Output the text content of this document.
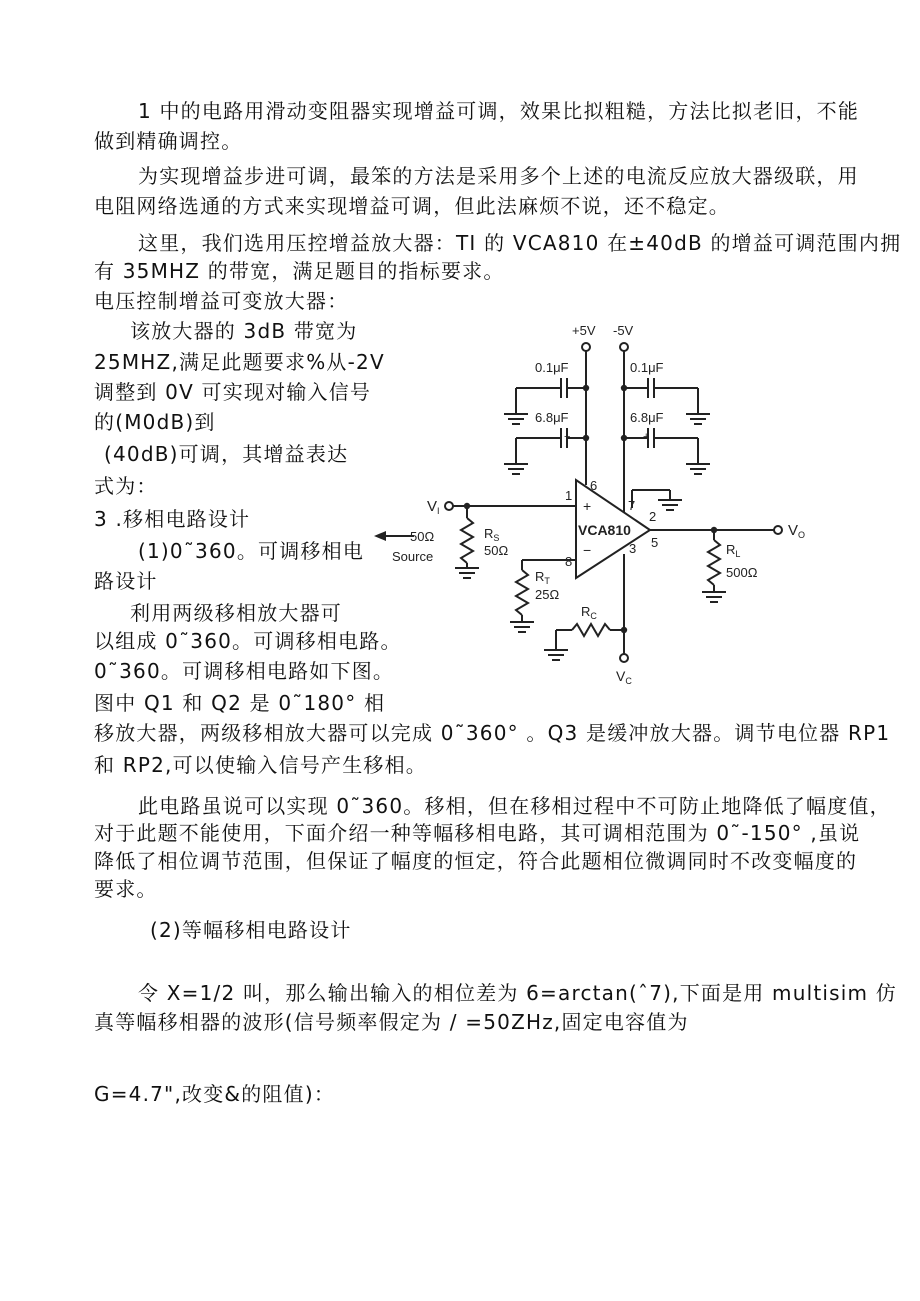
1 中的电路用滑动变阻器实现增益可调，效果比拟粗糙，方法比拟老旧，不能
做到精确调控。
为实现增益步进可调，最笨的方法是采用多个上述的电流反应放大器级联，用
电阻网络选通的方式来实现增益可调，但此法麻烦不说，还不稳定。
这里，我们选用压控增益放大器：TI 的 VCA810 在±40dB 的增益可调范围内拥
有 35MHZ 的带宽，满足题目的指标要求。
电压控制增益可变放大器：
该放大器的 3dB 带宽为
25MHZ,满足此题要求%从-2V
调整到 0V 可实现对输入信号
的(M0dB)到
(40dB)可调，其增益表达
式为：
3 .移相电路设计
(1)0˜360。可调移相电
路设计
利用两级移相放大器可
以组成 0˜360。可调移相电路。
0˜360。可调移相电路如下图。
图中 Q1 和 Q2 是 0˜180° 相
移放大器，两级移相放大器可以完成 0˜360° 。Q3 是缓冲放大器。调节电位器 RP1
和 RP2,可以使输入信号产生移相。
此电路虽说可以实现 0˜360。移相，但在移相过程中不可防止地降低了幅度值，
对于此题不能使用，下面介绍一种等幅移相电路，其可调相范围为 0˜-150° ,虽说
降低了相位调节范围，但保证了幅度的恒定，符合此题相位微调同时不改变幅度的
要求。
(2)等幅移相电路设计
令 X=1/2 叫，那么输出输入的相位差为 6=arctan(ˆ7),下面是用 multisim 仿
真等幅移相器的波形(信号频率假定为 / =50ZHz,固定电容值为
G=4.7",改变&的阻值)：
+5V -5V
0.1μF
6.8μF
0.1μF
6.8μF
+	+
$V_I$
$V_O$
50Ω
Source
$R_S$
50Ω
$R_T$
25Ω
$R_C$
$V_C$
$R_L$
500Ω
VCA810
+
−
1
6
7
2
5
3
8
